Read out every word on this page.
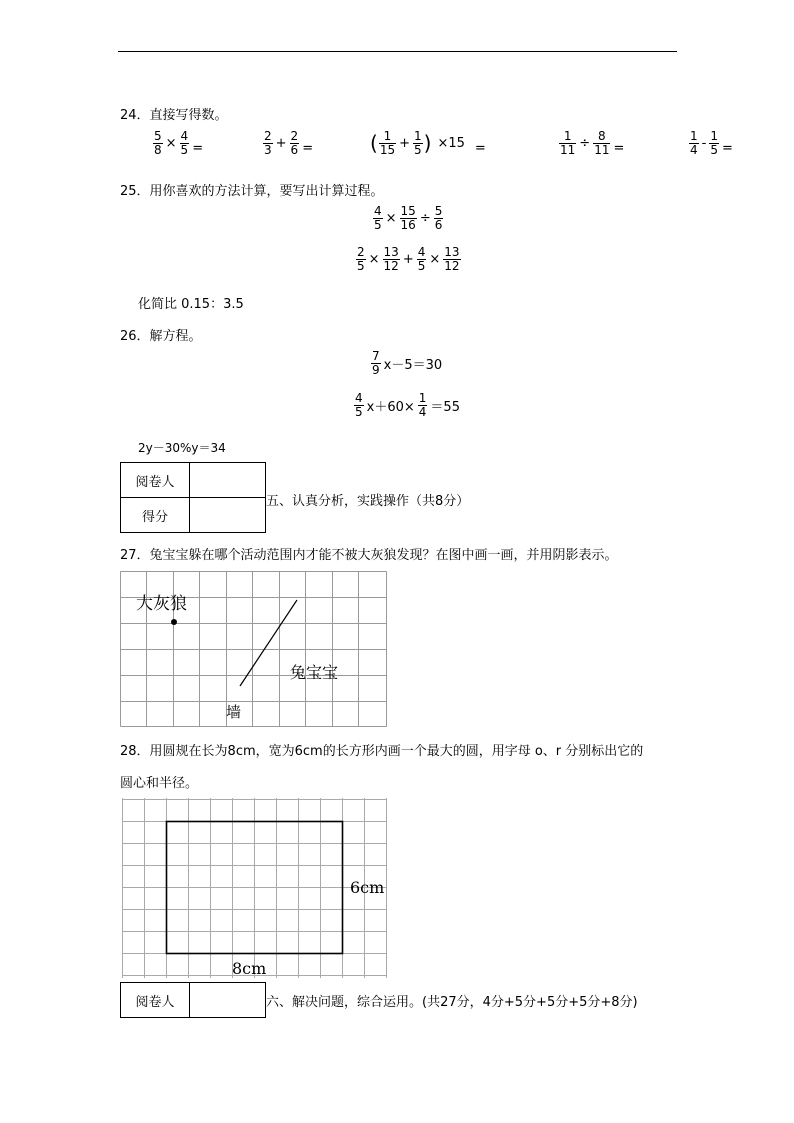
24．直接写得数。
$\frac{5}{8} \times \frac{4}{5}$ =	$\frac{2}{3} + \frac{2}{6}$ =	( $\frac{1}{15} + \frac{1}{5}$ ) ×15 =	$\frac{1}{11} \div \frac{8}{11}$ =	$\frac{1}{4} - \frac{1}{5}$ =
25．用你喜欢的方法计算，要写出计算过程。
$\frac{4}{5} \times \frac{15}{16} \div \frac{5}{6}$
$\frac{2}{5} \times \frac{13}{12} + \frac{4}{5} \times \frac{13}{12}$
化简比 0.15：3.5
26．解方程。
$\frac{7}{9} x-5=30$
$\frac{4}{5} x+60\times \frac{1}{4} =55$
2y－30%y＝34
阅卷人	
得分	
五、认真分析，实践操作（共8分）
27．兔宝宝躲在哪个活动范围内才能不被大灰狼发现？在图中画一画，并用阴影表示。
大灰狼
兔宝宝
墙
28．用圆规在长为8cm，宽为6cm的长方形内画一个最大的圆，用字母 o、r 分别标出它的
圆心和半径。
6cm
8cm
阅卷人		六、解决问题，综合运用。(共27分，4分+5分+5分+5分+8分)
